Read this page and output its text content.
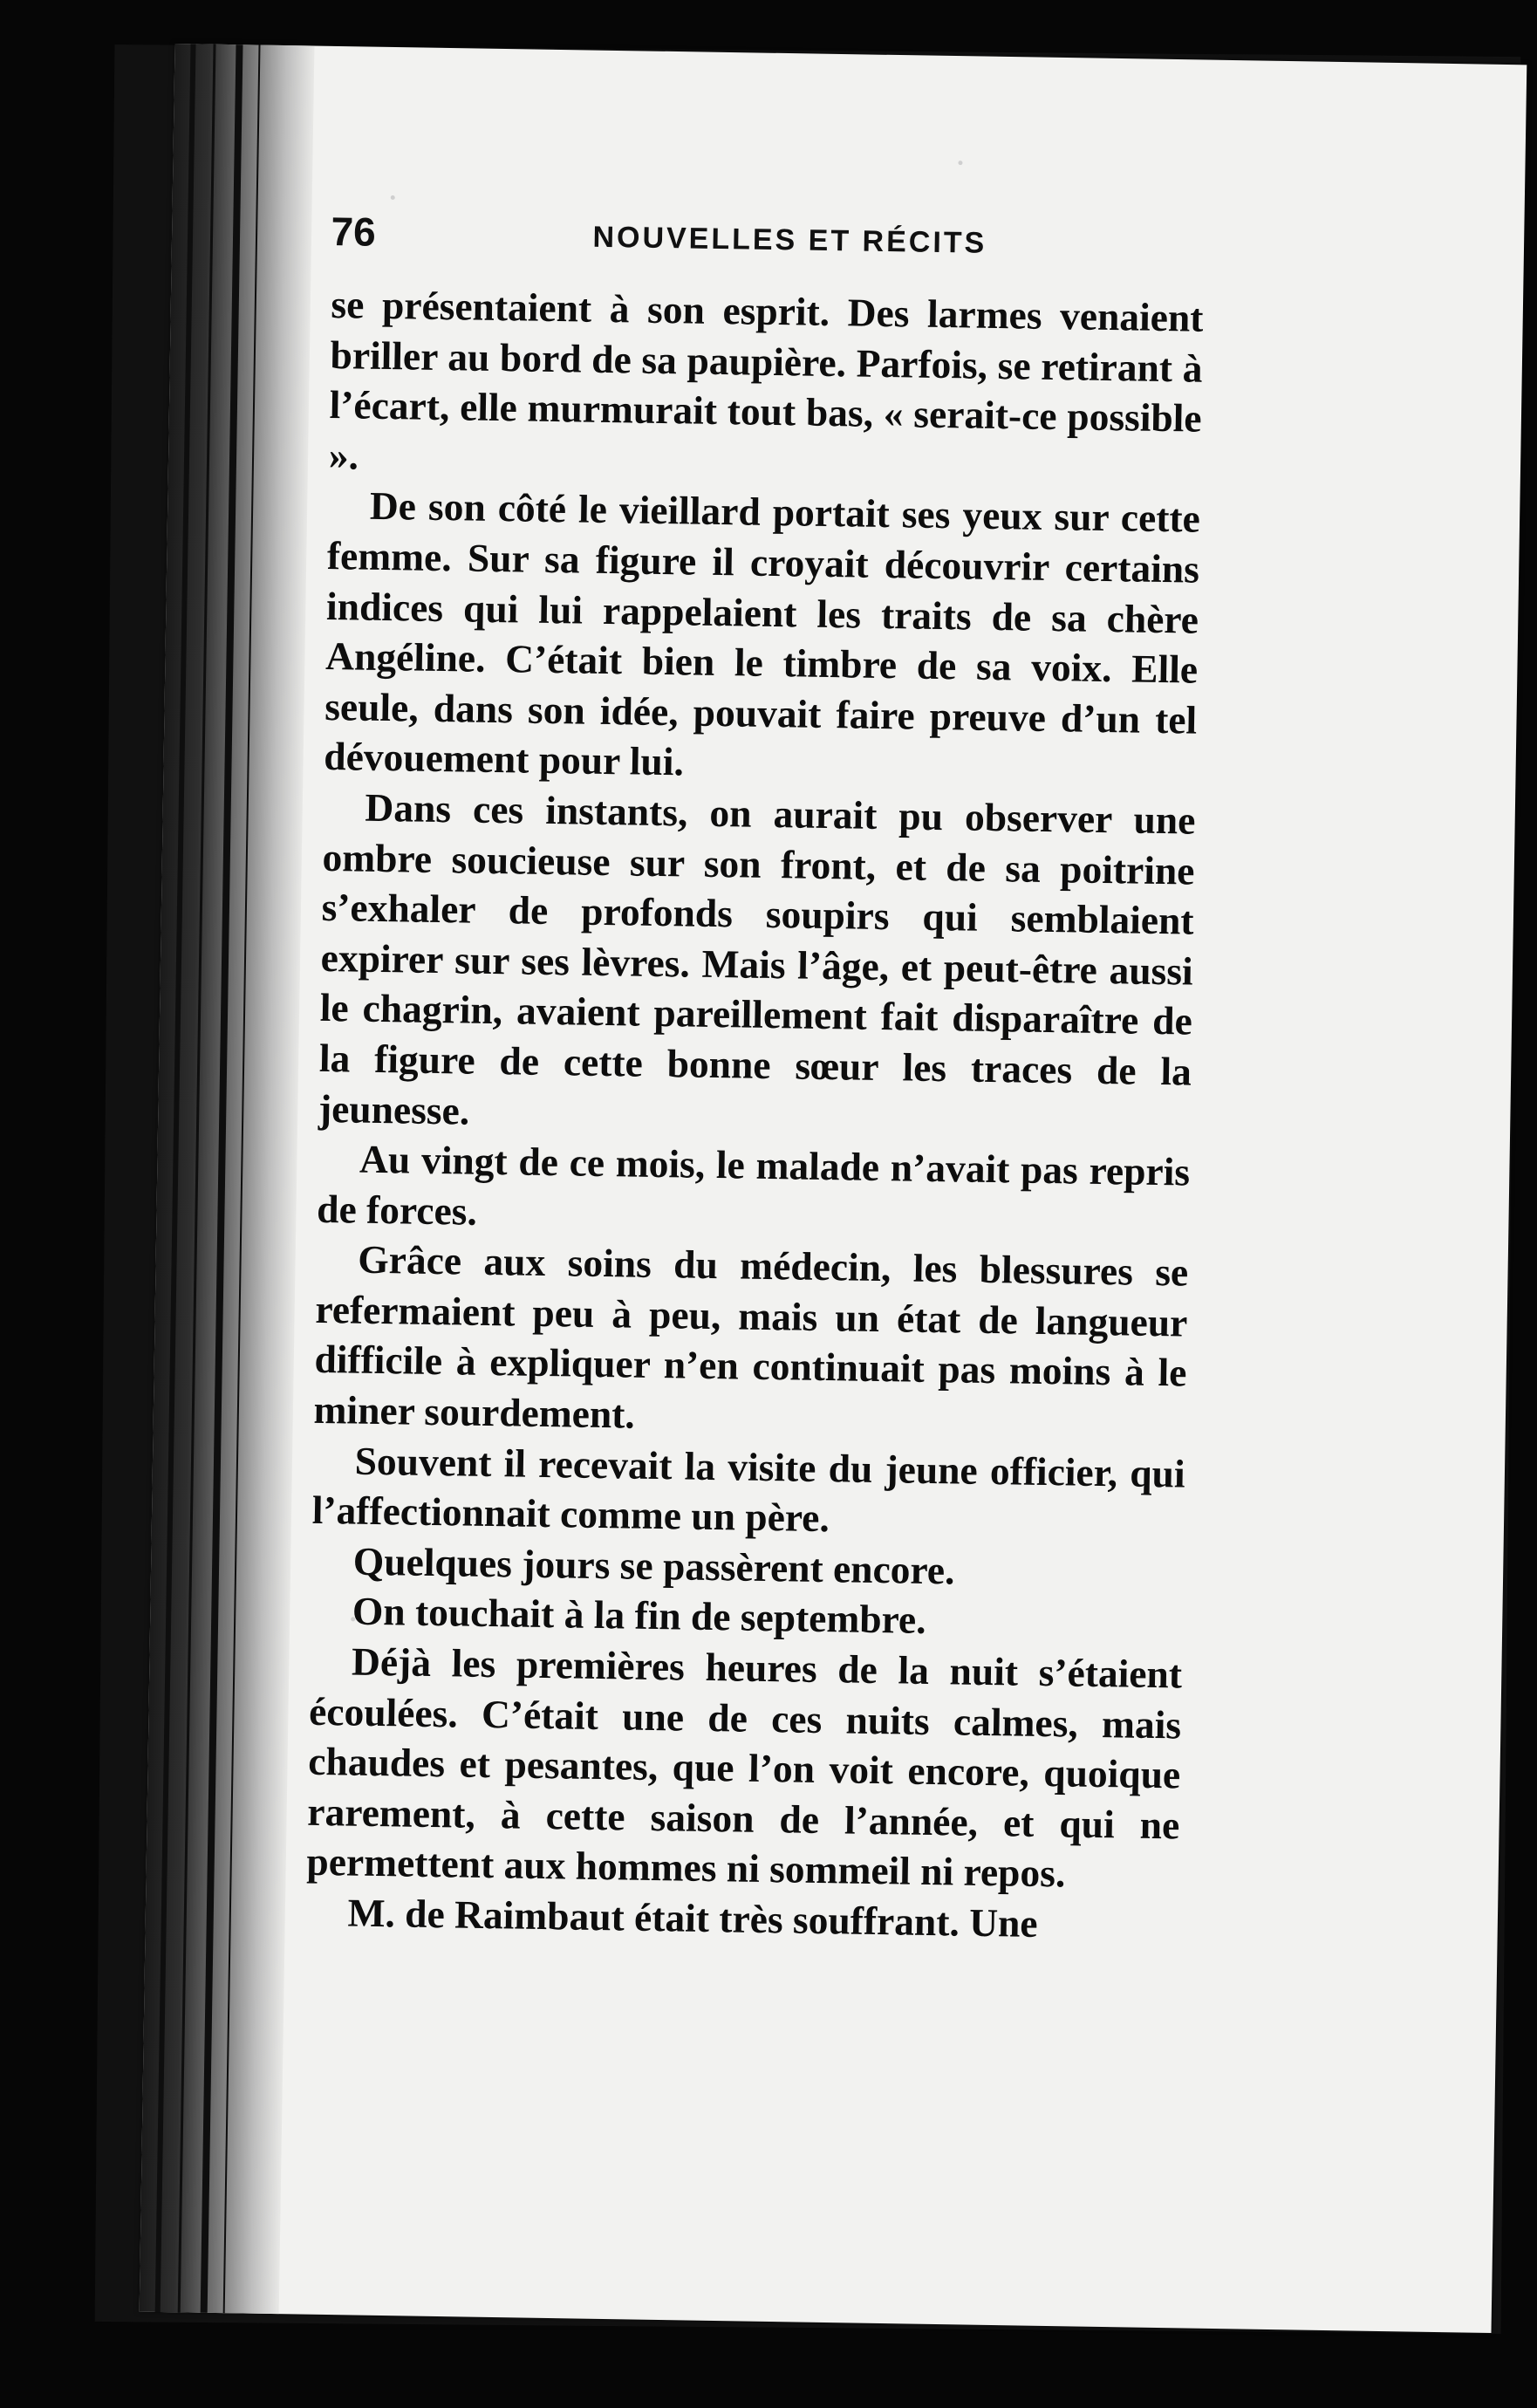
76	NOUVELLES ET RÉCITS

se présentaient à son esprit. Des larmes venaient briller au bord de sa paupière. Parfois, se retirant à l’écart, elle murmurait tout bas, « serait-ce possible ».

De son côté le vieillard portait ses yeux sur cette femme. Sur sa figure il croyait découvrir certains indices qui lui rappelaient les traits de sa chère Angéline. C’était bien le timbre de sa voix. Elle seule, dans son idée, pouvait faire preuve d’un tel dévouement pour lui.

Dans ces instants, on aurait pu observer une ombre soucieuse sur son front, et de sa poitrine s’exhaler de profonds soupirs qui semblaient expirer sur ses lèvres. Mais l’âge, et peut-être aussi le chagrin, avaient pareillement fait disparaître de la figure de cette bonne sœur les traces de la jeunesse.

Au vingt de ce mois, le malade n’avait pas repris de forces.

Grâce aux soins du médecin, les blessures se refermaient peu à peu, mais un état de langueur difficile à expliquer n’en continuait pas moins à le miner sourdement.

Souvent il recevait la visite du jeune officier, qui l’affectionnait comme un père.

Quelques jours se passèrent encore.

On touchait à la fin de septembre.

Déjà les premières heures de la nuit s’étaient écoulées. C’était une de ces nuits calmes, mais chaudes et pesantes, que l’on voit encore, quoique rarement, à cette saison de l’année, et qui ne permettent aux hommes ni sommeil ni repos.

M. de Raimbaut était très souffrant. Une
